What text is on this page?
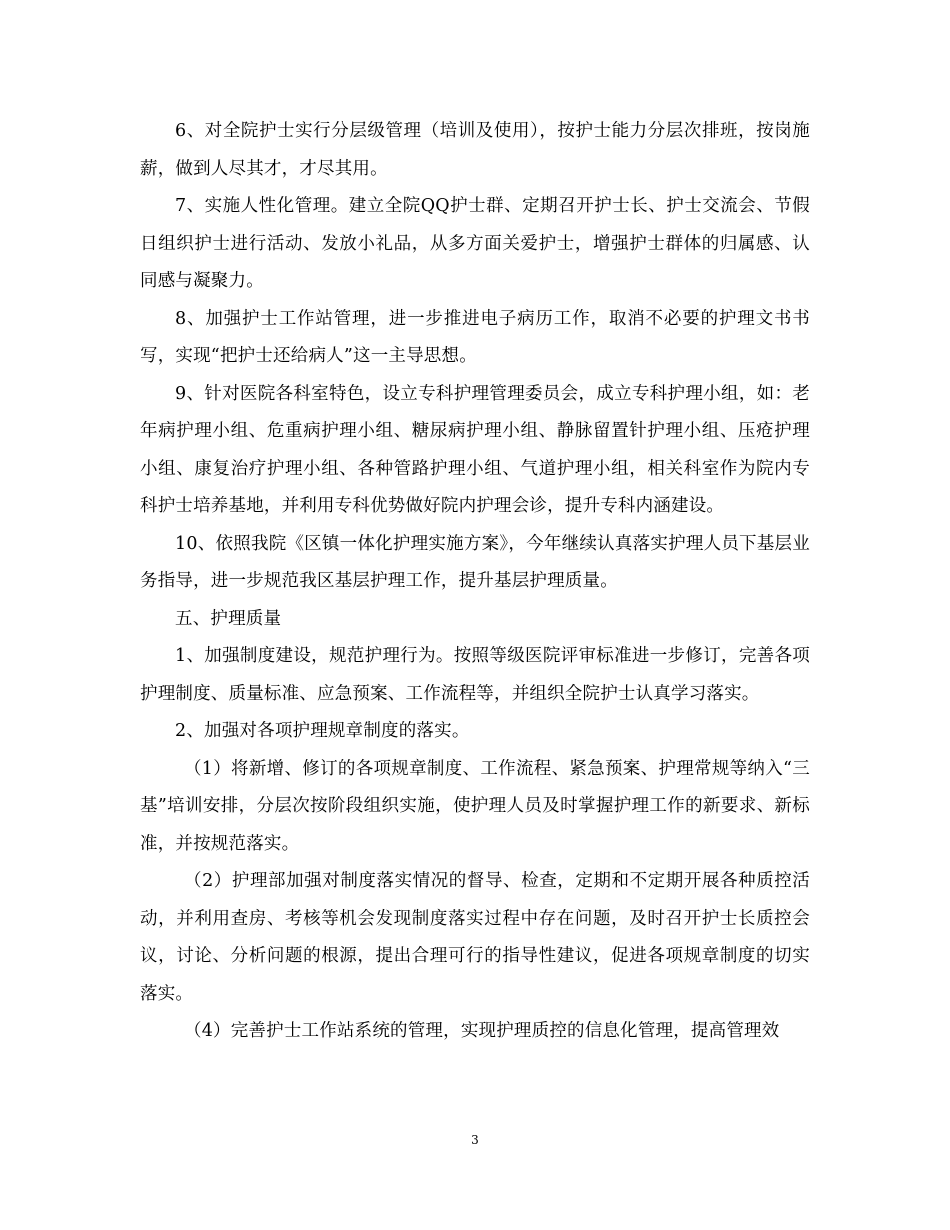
6、对全院护士实行分层级管理（培训及使用），按护士能力分层次排班，按岗施薪，做到人尽其才，才尽其用。

7、实施人性化管理。建立全院QQ护士群、定期召开护士长、护士交流会、节假日组织护士进行活动、发放小礼品，从多方面关爱护士，增强护士群体的归属感、认同感与凝聚力。

8、加强护士工作站管理，进一步推进电子病历工作，取消不必要的护理文书书写，实现“把护士还给病人”这一主导思想。

9、针对医院各科室特色，设立专科护理管理委员会，成立专科护理小组，如：老年病护理小组、危重病护理小组、糖尿病护理小组、静脉留置针护理小组、压疮护理小组、康复治疗护理小组、各种管路护理小组、气道护理小组，相关科室作为院内专科护士培养基地，并利用专科优势做好院内护理会诊，提升专科内涵建设。

10、依照我院《区镇一体化护理实施方案》，今年继续认真落实护理人员下基层业务指导，进一步规范我区基层护理工作，提升基层护理质量。

五、护理质量

1、加强制度建设，规范护理行为。按照等级医院评审标准进一步修订，完善各项护理制度、质量标准、应急预案、工作流程等，并组织全院护士认真学习落实。

2、加强对各项护理规章制度的落实。

（1）将新增、修订的各项规章制度、工作流程、紧急预案、护理常规等纳入“三基”培训安排，分层次按阶段组织实施，使护理人员及时掌握护理工作的新要求、新标准，并按规范落实。

（2）护理部加强对制度落实情况的督导、检查，定期和不定期开展各种质控活动，并利用查房、考核等机会发现制度落实过程中存在问题，及时召开护士长质控会议，讨论、分析问题的根源，提出合理可行的指导性建议，促进各项规章制度的切实落实。

（4）完善护士工作站系统的管理，实现护理质控的信息化管理，提高管理效

3
